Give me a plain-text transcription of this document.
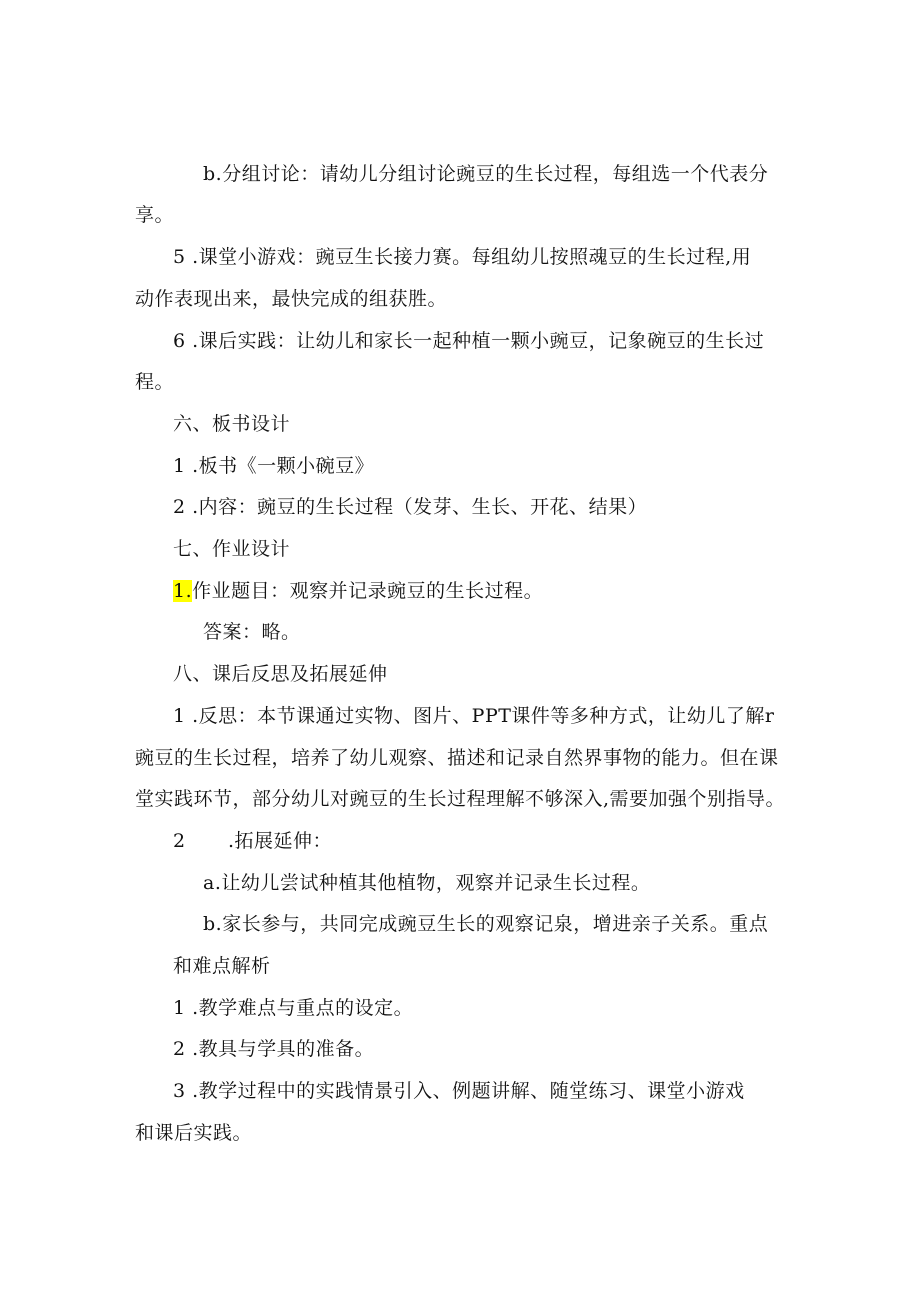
b.分组讨论：请幼儿分组讨论豌豆的生长过程，每组选一个代表分
享。
5 .课堂小游戏：豌豆生长接力赛。每组幼儿按照魂豆的生长过程,用
动作表现出来，最快完成的组获胜。
6 .课后实践：让幼儿和家长一起种植一颗小豌豆，记象碗豆的生长过
程。
六、板书设计
1 .板书《一颗小碗豆》
2 .内容：豌豆的生长过程（发芽、生长、开花、结果）
七、作业设计
1.作业题目：观察并记录豌豆的生长过程。
答案：略。
八、课后反思及拓展延伸
1 .反思：本节课通过实物、图片、PPT课件等多种方式，让幼儿了解r
豌豆的生长过程，培养了幼儿观察、描述和记录自然界事物的能力。但在课
堂实践环节，部分幼儿对豌豆的生长过程理解不够深入,需要加强个别指导。
2 .拓展延伸：
a.让幼儿尝试种植其他植物，观察并记录生长过程。
b.家长参与，共同完成豌豆生长的观察记泉，增进亲子关系。重点
和难点解析
1 .教学难点与重点的设定。
2 .教具与学具的准备。
3 .教学过程中的实践情景引入、例题讲解、随堂练习、课堂小游戏
和课后实践。
